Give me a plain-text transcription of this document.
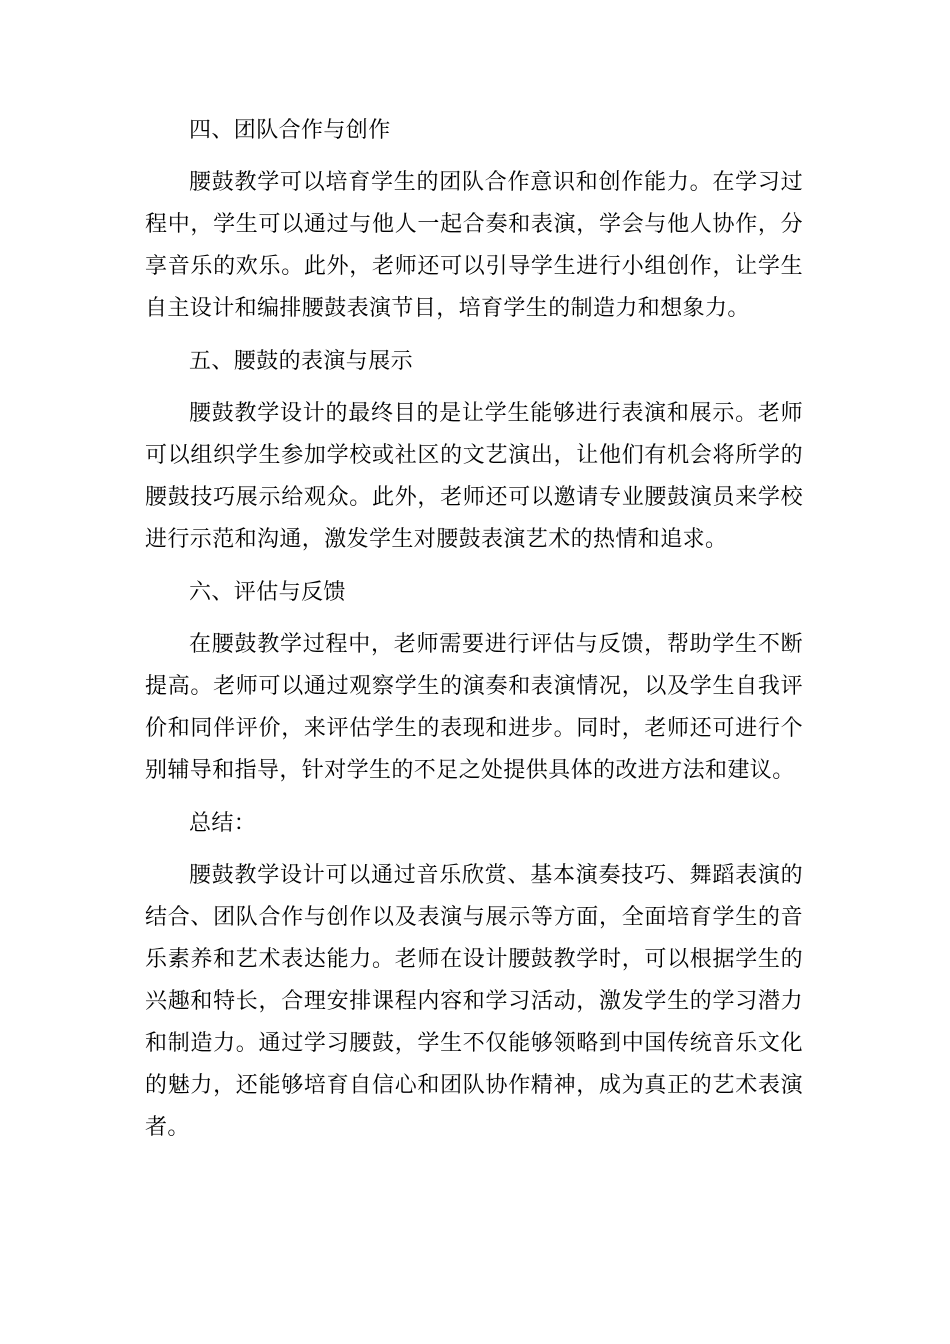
四、团队合作与创作
腰鼓教学可以培育学生的团队合作意识和创作能力。在学习过
程中，学生可以通过与他人一起合奏和表演，学会与他人协作，分
享音乐的欢乐。此外，老师还可以引导学生进行小组创作，让学生
自主设计和编排腰鼓表演节目，培育学生的制造力和想象力。
五、腰鼓的表演与展示
腰鼓教学设计的最终目的是让学生能够进行表演和展示。老师
可以组织学生参加学校或社区的文艺演出，让他们有机会将所学的
腰鼓技巧展示给观众。此外，老师还可以邀请专业腰鼓演员来学校
进行示范和沟通，激发学生对腰鼓表演艺术的热情和追求。
六、评估与反馈
在腰鼓教学过程中，老师需要进行评估与反馈，帮助学生不断
提高。老师可以通过观察学生的演奏和表演情况，以及学生自我评
价和同伴评价，来评估学生的表现和进步。同时，老师还可进行个
别辅导和指导，针对学生的不足之处提供具体的改进方法和建议。
总结：
腰鼓教学设计可以通过音乐欣赏、基本演奏技巧、舞蹈表演的
结合、团队合作与创作以及表演与展示等方面，全面培育学生的音
乐素养和艺术表达能力。老师在设计腰鼓教学时，可以根据学生的
兴趣和特长，合理安排课程内容和学习活动，激发学生的学习潜力
和制造力。通过学习腰鼓，学生不仅能够领略到中国传统音乐文化
的魅力，还能够培育自信心和团队协作精神，成为真正的艺术表演
者。
